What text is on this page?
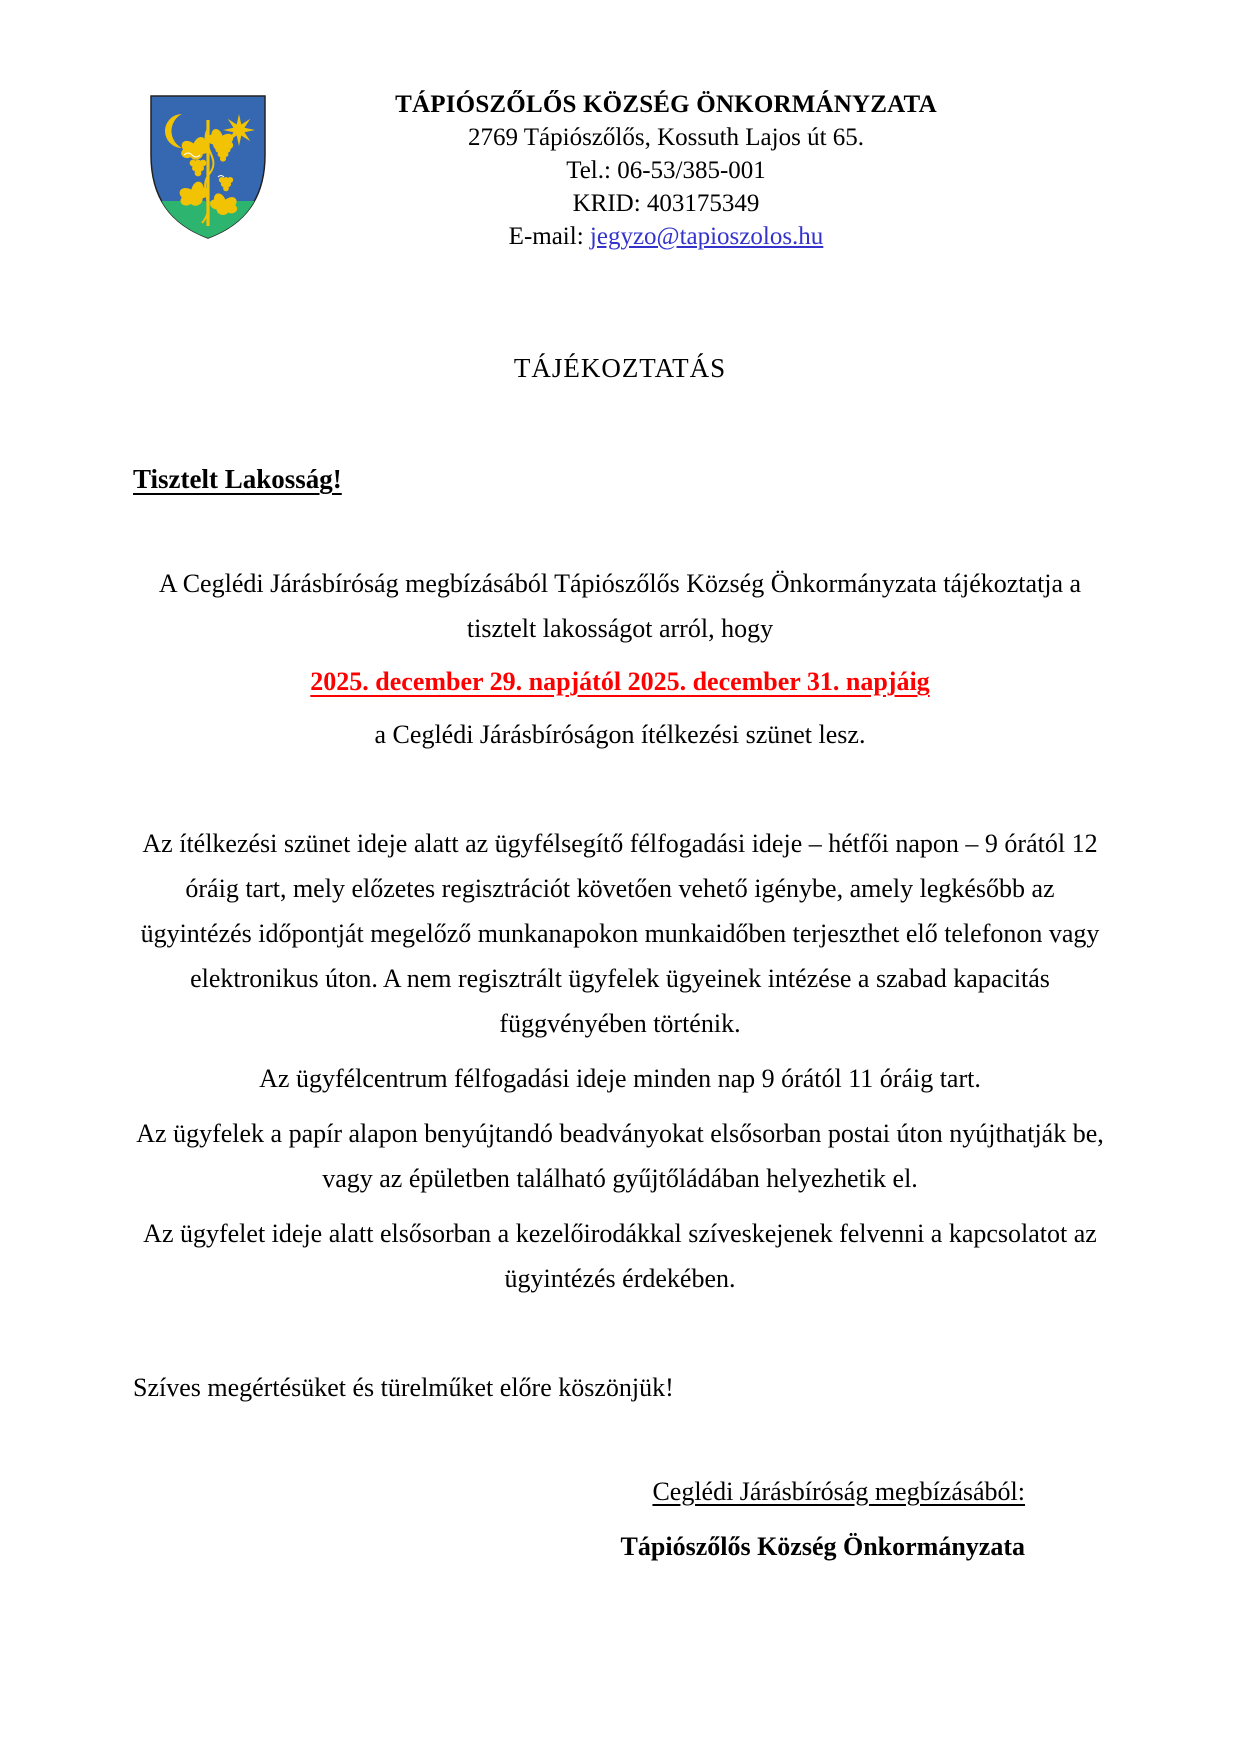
TÁPIÓSZŐLŐS KÖZSÉG ÖNKORMÁNYZATA
2769 Tápiószőlős, Kossuth Lajos út 65.
Tel.: 06-53/385-001
KRID: 403175349
E-mail: jegyzo@tapioszolos.hu
TÁJÉKOZTATÁS
Tisztelt Lakosság!

A Ceglédi Járásbíróság megbízásából Tápiószőlős Község Önkormányzata tájékoztatja a tisztelt lakosságot arról, hogy

2025. december 29. napjától 2025. december 31. napjáig

a Ceglédi Járásbíróságon ítélkezési szünet lesz.

Az ítélkezési szünet ideje alatt az ügyfélsegítő félfogadási ideje – hétfői napon – 9 órától 12 óráig tart, mely előzetes regisztrációt követően vehető igénybe, amely legkésőbb az ügyintézés időpontját megelőző munkanapokon munkaidőben terjeszthet elő telefonon vagy elektronikus úton. A nem regisztrált ügyfelek ügyeinek intézése a szabad kapacitás függvényében történik.

Az ügyfélcentrum félfogadási ideje minden nap 9 órától 11 óráig tart.

Az ügyfelek a papír alapon benyújtandó beadványokat elsősorban postai úton nyújthatják be, vagy az épületben található gyűjtőládában helyezhetik el.

Az ügyfelet ideje alatt elsősorban a kezelőirodákkal szíveskejenek felvenni a kapcsolatot az ügyintézés érdekében.

Szíves megértésüket és türelműket előre köszönjük!
Ceglédi Járásbíróság megbízásából:
Tápiószőlős Község Önkormányzata
